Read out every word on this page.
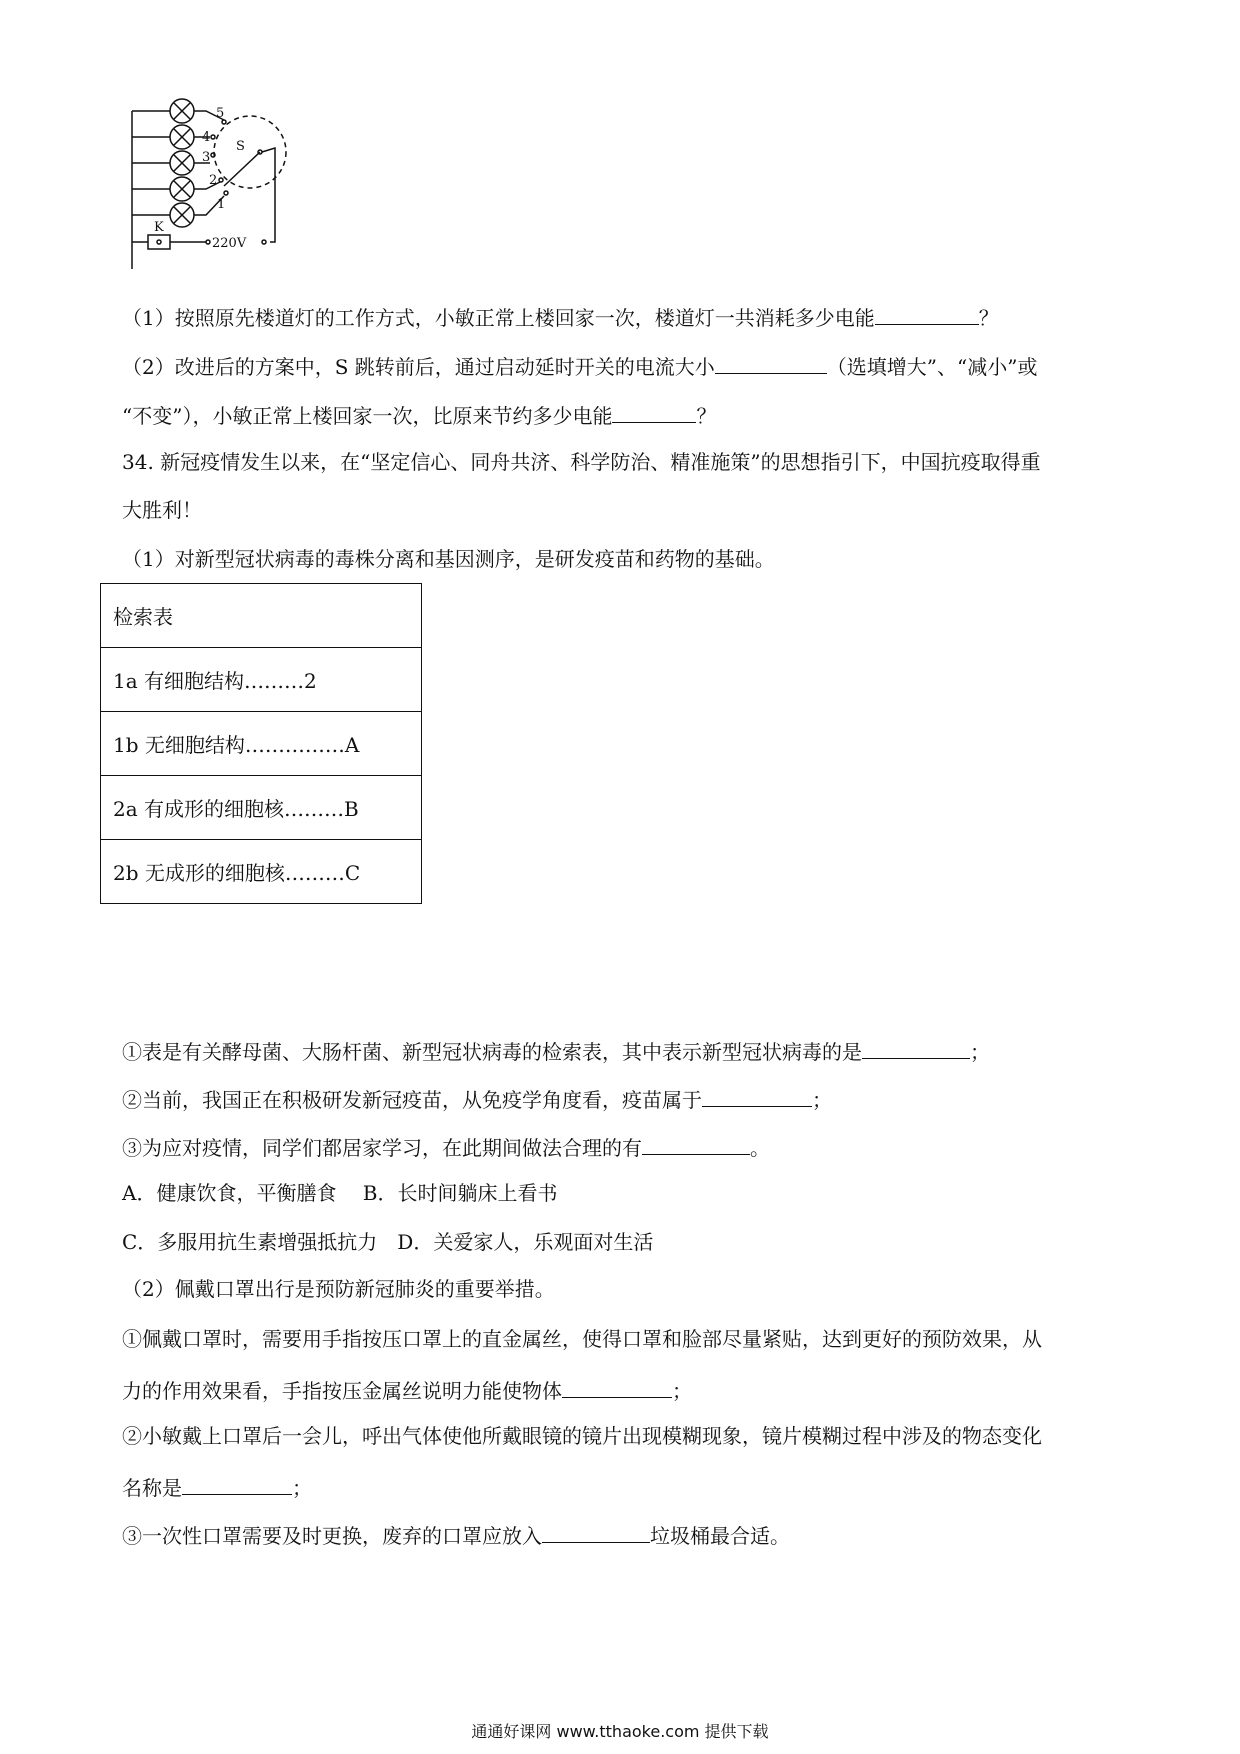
5
4
3
2
1
S
K
220V
（1）按照原先楼道灯的工作方式，小敏正常上楼回家一次，楼道灯一共消耗多少电能	？
（2）改进后的方案中，S 跳转前后，通过启动延时开关的电流大小	（选填增大”、“减小”或
“不变”），小敏正常上楼回家一次，比原来节约多少电能	？
34. 新冠疫情发生以来，在“坚定信心、同舟共济、科学防治、精准施策”的思想指引下，中国抗疫取得重
大胜利！
（1）对新型冠状病毒的毒株分离和基因测序，是研发疫苗和药物的基础。
检索表
1a 有细胞结构………2
1b 无细胞结构……………A
2a 有成形的细胞核………B
2b 无成形的细胞核………C
①表是有关酵母菌、大肠杆菌、新型冠状病毒的检索表，其中表示新型冠状病毒的是	；
②当前，我国正在积极研发新冠疫苗，从免疫学角度看，疫苗属于	；
③为应对疫情，同学们都居家学习，在此期间做法合理的有	。
A．健康饮食，平衡膳食　 B．长时间躺床上看书
C．多服用抗生素增强抵抗力　D．关爱家人，乐观面对生活
（2）佩戴口罩出行是预防新冠肺炎的重要举措。
①佩戴口罩时，需要用手指按压口罩上的直金属丝，使得口罩和脸部尽量紧贴，达到更好的预防效果，从
力的作用效果看，手指按压金属丝说明力能使物体	；
②小敏戴上口罩后一会儿，呼出气体使他所戴眼镜的镜片出现模糊现象，镜片模糊过程中涉及的物态变化
名称是	；
③一次性口罩需要及时更换，废弃的口罩应放入	垃圾桶最合适。
通通好课网 www.tthaoke.com 提供下载
